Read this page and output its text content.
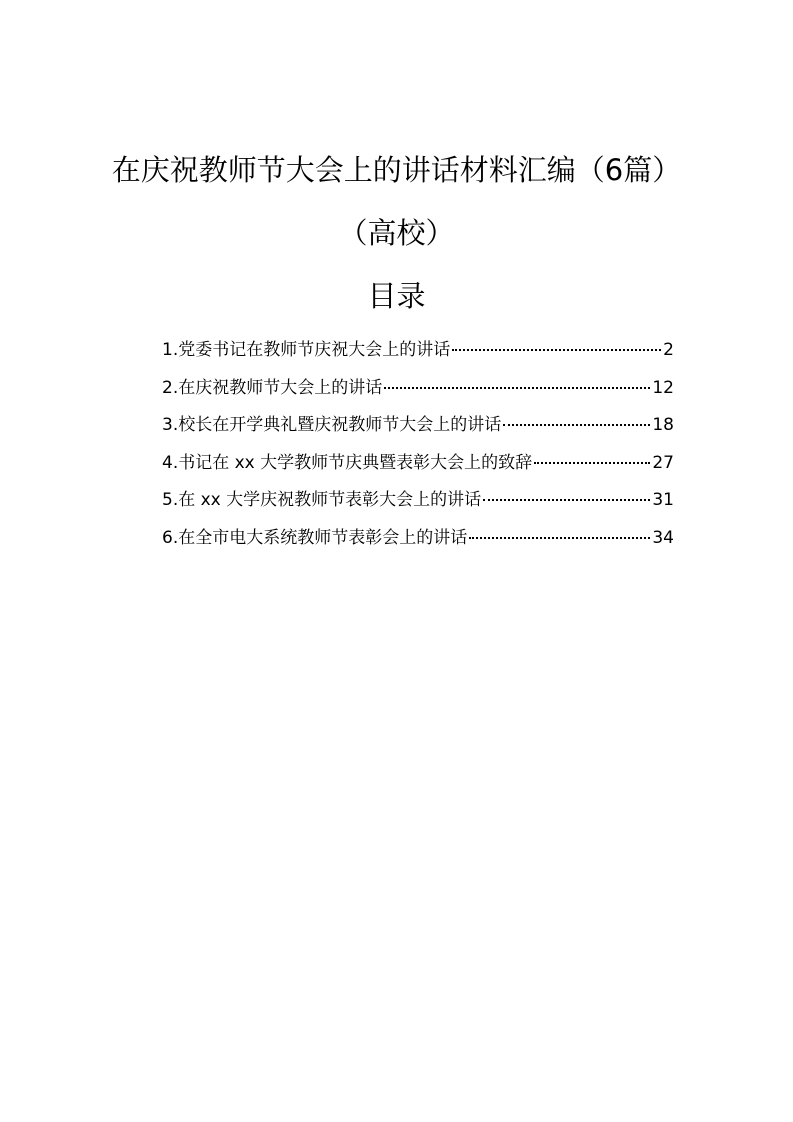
在庆祝教师节大会上的讲话材料汇编（6篇）
（高校）
目录
1.党委书记在教师节庆祝大会上的讲话	2
2.在庆祝教师节大会上的讲话	12
3.校长在开学典礼暨庆祝教师节大会上的讲话	18
4.书记在 xx 大学教师节庆典暨表彰大会上的致辞	27
5.在 xx 大学庆祝教师节表彰大会上的讲话	31
6.在全市电大系统教师节表彰会上的讲话	34
